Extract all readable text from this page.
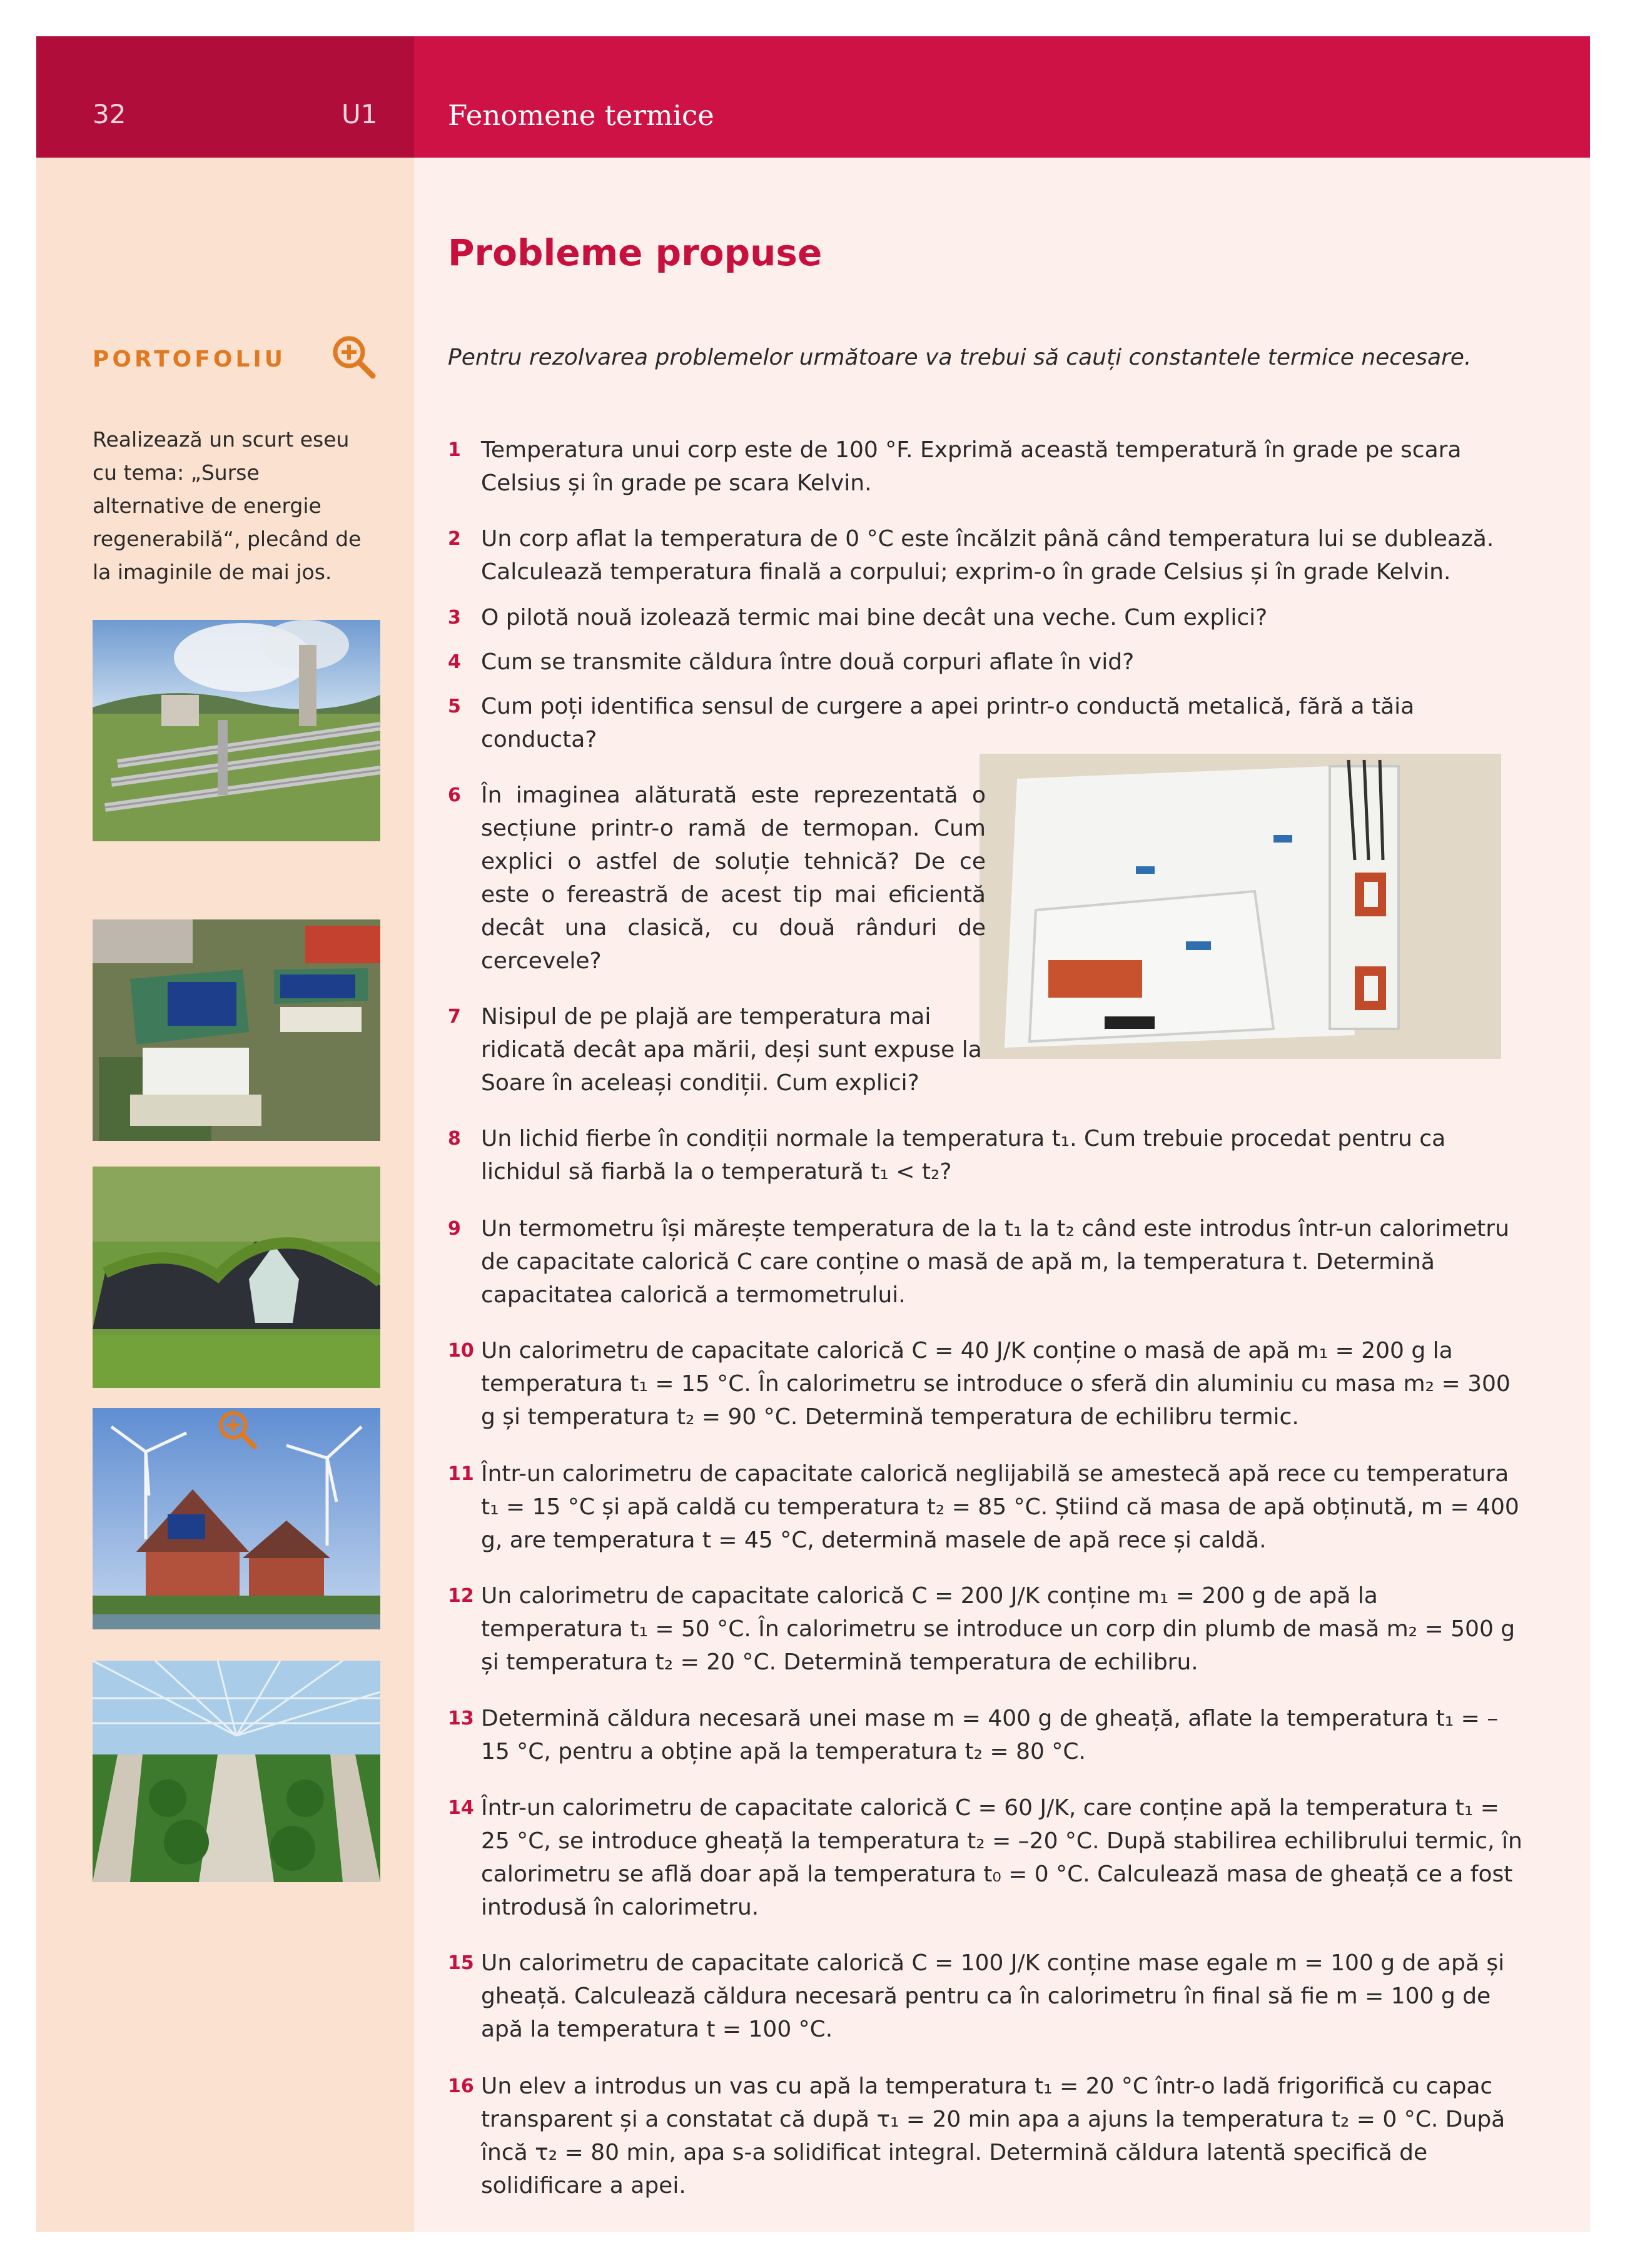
32	U1	Fenomene termice
Probleme propuse
Pentru rezolvarea problemelor următoare va trebui să cauți constantele termice necesare.
PORTOFOLIU
Realizează un scurt eseu cu tema: „Surse alternative de energie regenerabilă“, plecând de la imaginile de mai jos.
1 Temperatura unui corp este de 100 °F. Exprimă această temperatură în grade pe scara Celsius și în grade pe scara Kelvin.
2 Un corp aflat la temperatura de 0 °C este încălzit până când temperatura lui se dublează. Calculează temperatura finală a corpului; exprim-o în grade Celsius și în grade Kelvin.
3 O pilotă nouă izolează termic mai bine decât una veche. Cum explici?
4 Cum se transmite căldura între două corpuri aflate în vid?
5 Cum poți identifica sensul de curgere a apei printr-o conductă metalică, fără a tăia conducta?
6 În imaginea alăturată este reprezentată o secțiune printr-o ramă de termopan. Cum explici o astfel de soluție tehnică? De ce este o fereastră de acest tip mai eficientă decât una clasică, cu două rânduri de cercevele?
7 Nisipul de pe plajă are temperatura mai ridicată decât apa mării, deși sunt expuse la Soare în aceleași condiții. Cum explici?
8 Un lichid fierbe în condiții normale la temperatura t₁. Cum trebuie procedat pentru ca lichidul să fiarbă la o temperatură t₁ < t₂?
9 Un termometru își mărește temperatura de la t₁ la t₂ când este introdus într-un calorimetru de capacitate calorică C care conține o masă de apă m, la temperatura t. Determină capacitatea calorică a termometrului.
10 Un calorimetru de capacitate calorică C = 40 J/K conține o masă de apă m₁ = 200 g la temperatura t₁ = 15 °C. În calorimetru se introduce o sferă din aluminiu cu masa m₂ = 300 g și temperatura t₂ = 90 °C. Determină temperatura de echilibru termic.
11 Într-un calorimetru de capacitate calorică neglijabilă se amestecă apă rece cu temperatura t₁ = 15 °C și apă caldă cu temperatura t₂ = 85 °C. Știind că masa de apă obținută, m = 400 g, are temperatura t = 45 °C, determină masele de apă rece și caldă.
12 Un calorimetru de capacitate calorică C = 200 J/K conține m₁ = 200 g de apă la temperatura t₁ = 50 °C. În calorimetru se introduce un corp din plumb de masă m₂ = 500 g și temperatura t₂ = 20 °C. Determină temperatura de echilibru.
13 Determină căldura necesară unei mase m = 400 g de gheață, aflate la temperatura t₁ = –15 °C, pentru a obține apă la temperatura t₂ = 80 °C.
14 Într-un calorimetru de capacitate calorică C = 60 J/K, care conține apă la temperatura t₁ = 25 °C, se introduce gheață la temperatura t₂ = –20 °C. După stabilirea echilibrului termic, în calorimetru se află doar apă la temperatura t₀ = 0 °C. Calculează masa de gheață ce a fost introdusă în calorimetru.
15 Un calorimetru de capacitate calorică C = 100 J/K conține mase egale m = 100 g de apă și gheață. Calculează căldura necesară pentru ca în calorimetru în final să fie m = 100 g de apă la temperatura t = 100 °C.
16 Un elev a introdus un vas cu apă la temperatura t₁ = 20 °C într-o ladă frigorifică cu capac transparent și a constatat că după τ₁ = 20 min apa a ajuns la temperatura t₂ = 0 °C. După încă τ₂ = 80 min, apa s-a solidificat integral. Determină căldura latentă specifică de solidificare a apei.
